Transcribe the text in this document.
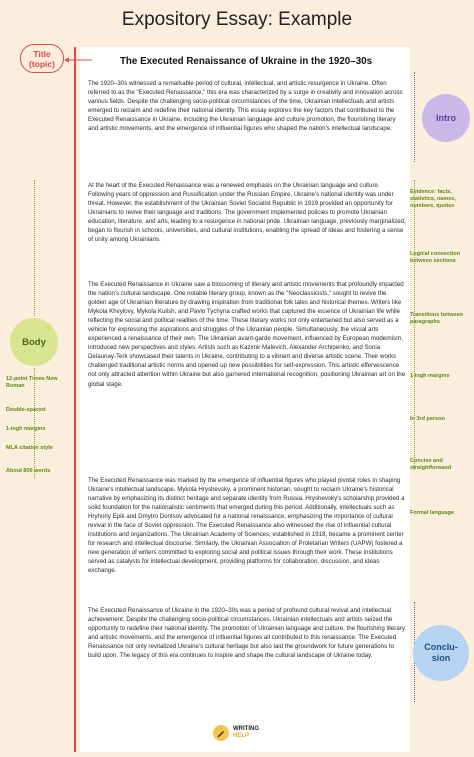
Expository Essay: Example
The Executed Renaissance of Ukraine in the 1920–30s

The 1920–30s witnessed a remarkable period of cultural, intellectual, and artistic resurgence in Ukraine. Often referred to as the "Executed Renaissance," this era was characterized by a surge in creativity and innovation across various fields. Despite the challenging socio-political circumstances of the time, Ukrainian intellectuals and artists emerged to reclaim and redefine their national identity. This essay explores the key factors that contributed to the Executed Renaissance in Ukraine, including the Ukrainian language and culture promotion, the flourishing literary and artistic movements, and the emergence of influential figures who shaped the nation's intellectual landscape.

At the heart of the Executed Renaissance was a renewed emphasis on the Ukrainian language and culture. Following years of oppression and Russification under the Russian Empire, Ukraine's national identity was under threat. However, the establishment of the Ukrainian Soviet Socialist Republic in 1919 provided an opportunity for Ukrainians to revive their language and traditions. The government implemented policies to promote Ukrainian education, literature, and arts, leading to a resurgence in national pride. Ukrainian language, previously marginalized, began to flourish in schools, universities, and cultural institutions, enabling the spread of ideas and fostering a sense of unity among Ukrainians.

The Executed Renaissance in Ukraine saw a blossoming of literary and artistic movements that profoundly impacted the nation's cultural landscape. One notable literary group, known as the "Neoclassicists," sought to revive the golden age of Ukrainian literature by drawing inspiration from traditional folk tales and historical themes. Writers like Mykola Khvylovy, Mykola Kulish, and Pavlo Tychyna crafted works that captured the essence of Ukrainian life while reflecting the social and political realities of the time. These literary works not only entertained but also served as a vehicle for expressing the aspirations and struggles of the Ukrainian people. Simultaneously, the visual arts experienced a renaissance of their own. The Ukrainian avant-garde movement, influenced by European modernism, introduced new perspectives and styles. Artists such as Kazimir Malevich, Alexander Archipenko, and Sonia Delaunay-Terk showcased their talents in Ukraine, contributing to a vibrant and diverse artistic scene. Their works challenged traditional artistic norms and opened up new possibilities for self-expression. This artistic effervescence not only attracted attention within Ukraine but also garnered international recognition, positioning Ukrainian art on the global stage.

The Executed Renaissance was marked by the emergence of influential figures who played pivotal roles in shaping Ukraine's intellectual landscape. Mykola Hryshevsky, a prominent historian, sought to reclaim Ukraine's historical narrative by emphasizing its distinct heritage and separate identity from Russia. Hryshevsky's scholarship provided a solid foundation for the nationalistic sentiments that emerged during this period. Additionally, intellectuals such as Hryhoriy Epik and Dmytro Dontsov advocated for a national renaissance, emphasizing the importance of cultural revival in the face of Soviet oppression. The Executed Renaissance also witnessed the rise of influential cultural institutions and organizations. The Ukrainian Academy of Sciences, established in 1918, became a prominent center for research and intellectual discourse. Similarly, the Ukrainian Association of Proletarian Writers (UAPW) fostered a new generation of writers committed to exploring social and political issues through their work. These institutions served as catalysts for intellectual development, providing platforms for collaboration, discussion, and ideas exchange.

The Executed Renaissance of Ukraine in the 1920–30s was a period of profound cultural revival and intellectual achievement. Despite the challenging socio-political circumstances, Ukrainian intellectuals and artists seized the opportunity to redefine their national identity. The promotion of Ukrainian language and culture, the flourishing literary and artistic movements, and the emergence of influential figures all contributed to this renaissance. The Executed Renaissance not only revitalized Ukraine's cultural heritage but also laid the groundwork for future generations to build upon. The legacy of this era continues to inspire and shape the cultural landscape of Ukraine today.

WRITING
HELP
Title (topic)
Body
12-point Times New Roman
Double-spaced
1-ingh margins
MLA citation style
About 800 words
Intro
Conclu-sion
Evidence: facts, statistics, names, numbers, quotes
Logical connection between sections
Transitions between paragraphs
1-ingh margins
In 3rd person
Concise and straightforwaed
Formal language
